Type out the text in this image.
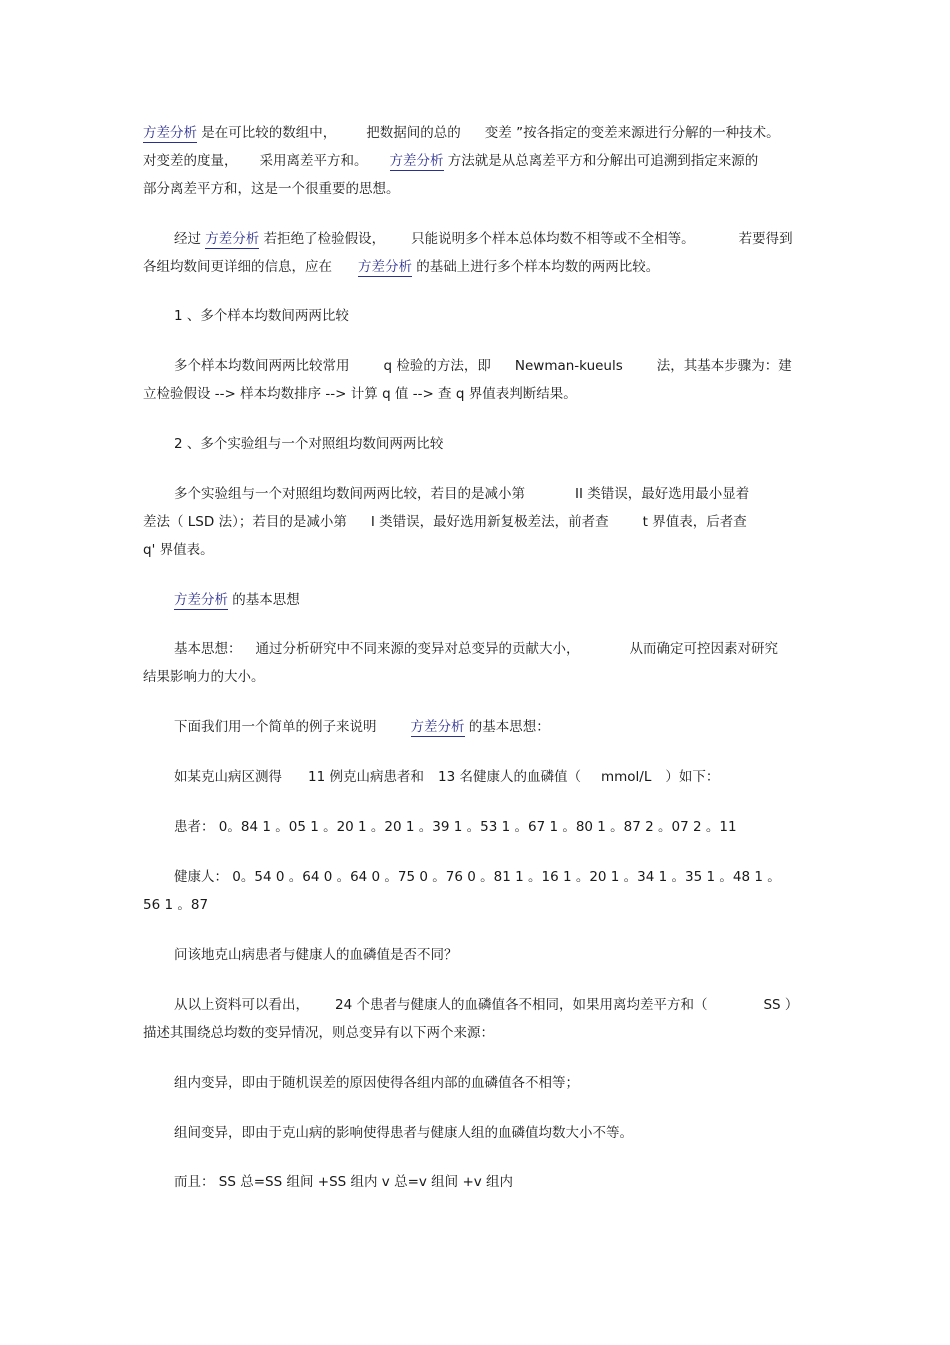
方差分析 是在可比较的数组中， 把数据间的总的 变差 ”按各指定的变差来源进行分解的一种技术。
对变差的度量， 采用离差平方和。 方差分析 方法就是从总离差平方和分解出可追溯到指定来源的
部分离差平方和，这是一个很重要的思想。
经过 方差分析 若拒绝了检验假设， 只能说明多个样本总体均数不相等或不全相等。	若要得到
各组均数间更详细的信息，应在 方差分析 的基础上进行多个样本均数的两两比较。
1 、多个样本均数间两两比较
多个样本均数间两两比较常用	q 检验的方法，即 Newman-kueuls	法，其基本步骤为：建
立检验假设 --> 样本均数排序 --> 计算 q 值 --> 查 q 界值表判断结果。
2 、多个实验组与一个对照组均数间两两比较
多个实验组与一个对照组均数间两两比较，若目的是减小第	II 类错误，最好选用最小显着
差法（ LSD 法）；若目的是减小第 I 类错误，最好选用新复极差法，前者查	t 界值表，后者查
q' 界值表。
方差分析 的基本思想
基本思想： 通过分析研究中不同来源的变异对总变异的贡献大小，	从而确定可控因素对研究
结果影响力的大小。
下面我们用一个简单的例子来说明	方差分析 的基本思想：
如某克山病区测得 11 例克山病患者和 13 名健康人的血磷值（ mmol/L ）如下：
患者： 0。84 1 。05 1 。20 1 。20 1 。39 1 。53 1 。67 1 。80 1 。87 2 。07 2 。11
健康人： 0。54 0 。64 0 。64 0 。75 0 。76 0 。81 1 。16 1 。20 1 。34 1 。35 1 。48 1 。
56 1 。87
问该地克山病患者与健康人的血磷值是否不同？
从以上资料可以看出， 24 个患者与健康人的血磷值各不相同，如果用离均差平方和（	SS ）
描述其围绕总均数的变异情况，则总变异有以下两个来源：
组内变异，即由于随机误差的原因使得各组内部的血磷值各不相等；
组间变异，即由于克山病的影响使得患者与健康人组的血磷值均数大小不等。
而且： SS 总=SS 组间 +SS 组内 v 总=v 组间 +v 组内
